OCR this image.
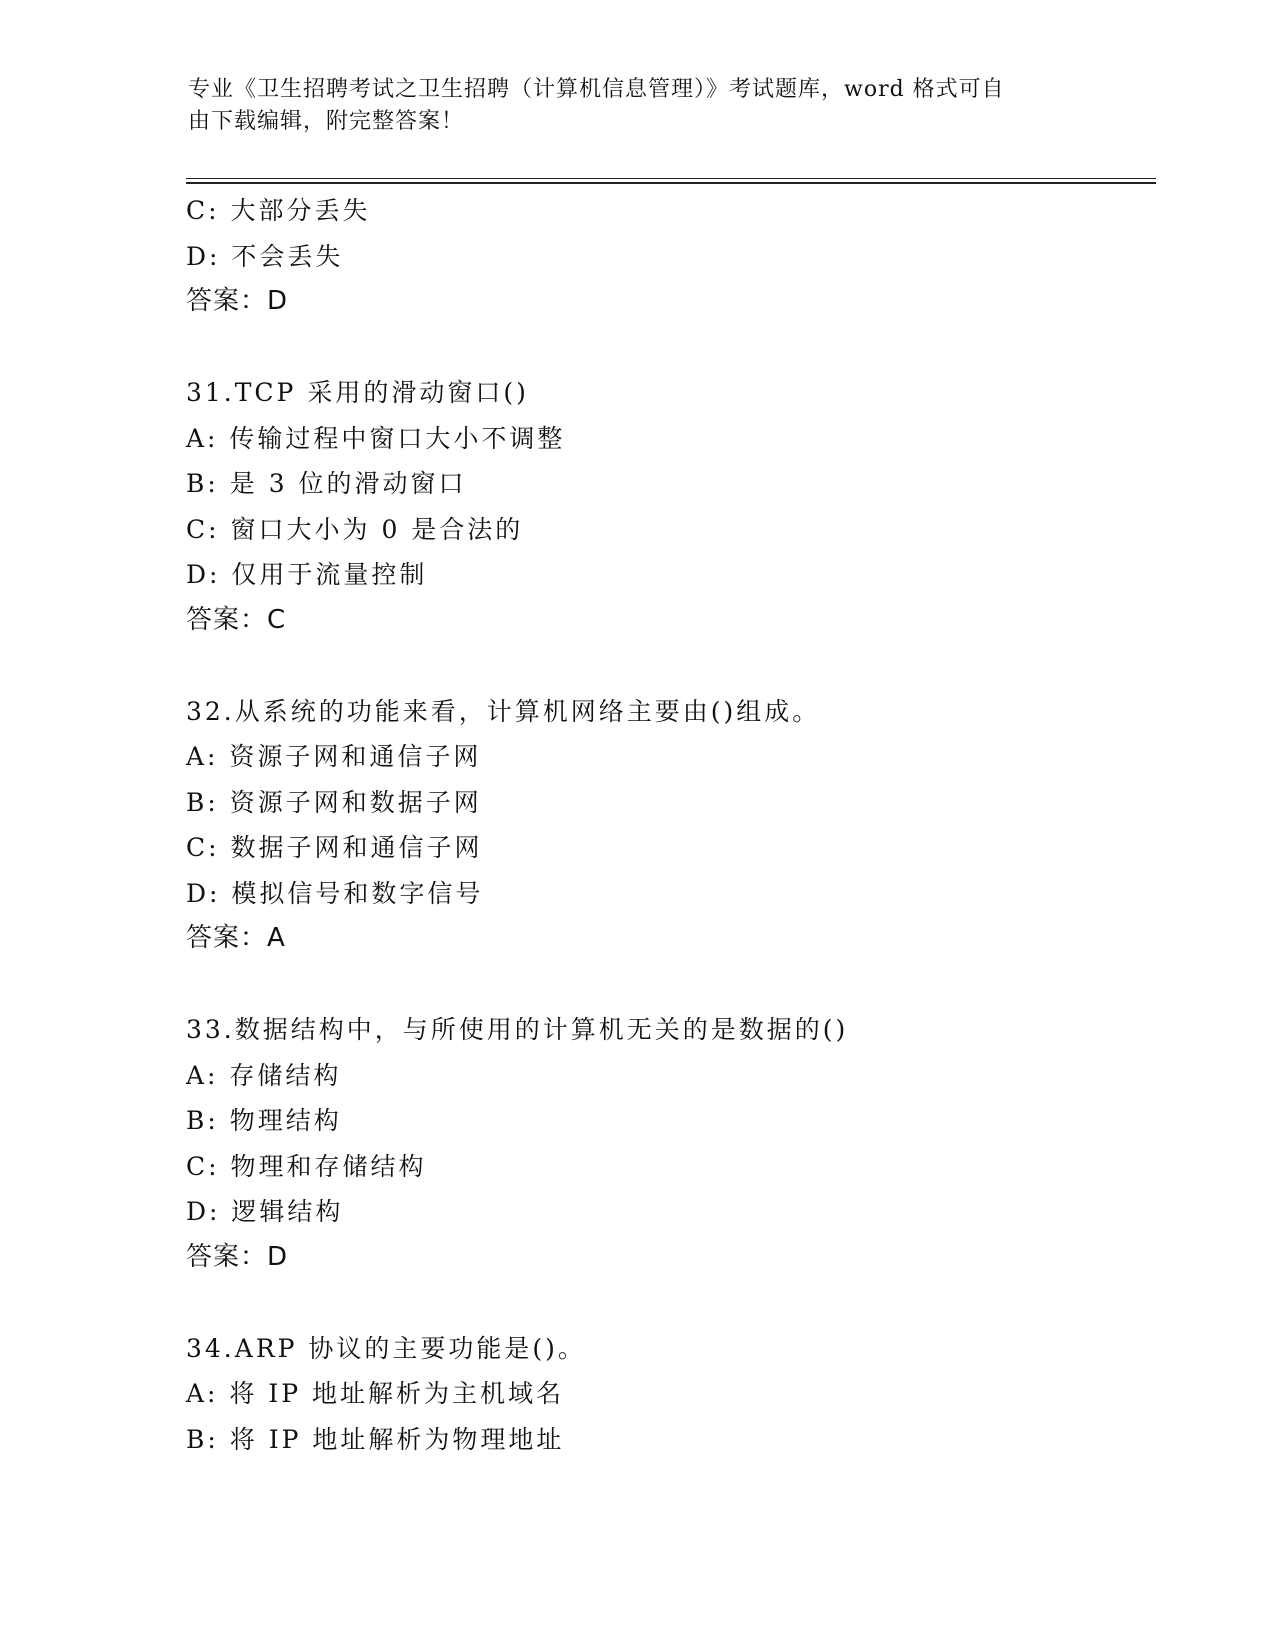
专业《卫生招聘考试之卫生招聘（计算机信息管理）》考试题库，word 格式可自
由下载编辑，附完整答案！
C: 大部分丢失
D: 不会丢失
答案：D
31.TCP 采用的滑动窗口()
A: 传输过程中窗口大小不调整
B: 是 3 位的滑动窗口
C: 窗口大小为 0 是合法的
D: 仅用于流量控制
答案：C
32.从系统的功能来看，计算机网络主要由()组成。
A: 资源子网和通信子网
B: 资源子网和数据子网
C: 数据子网和通信子网
D: 模拟信号和数字信号
答案：A
33.数据结构中，与所使用的计算机无关的是数据的()
A: 存储结构
B: 物理结构
C: 物理和存储结构
D: 逻辑结构
答案：D
34.ARP 协议的主要功能是()。
A: 将 IP 地址解析为主机域名
B: 将 IP 地址解析为物理地址
